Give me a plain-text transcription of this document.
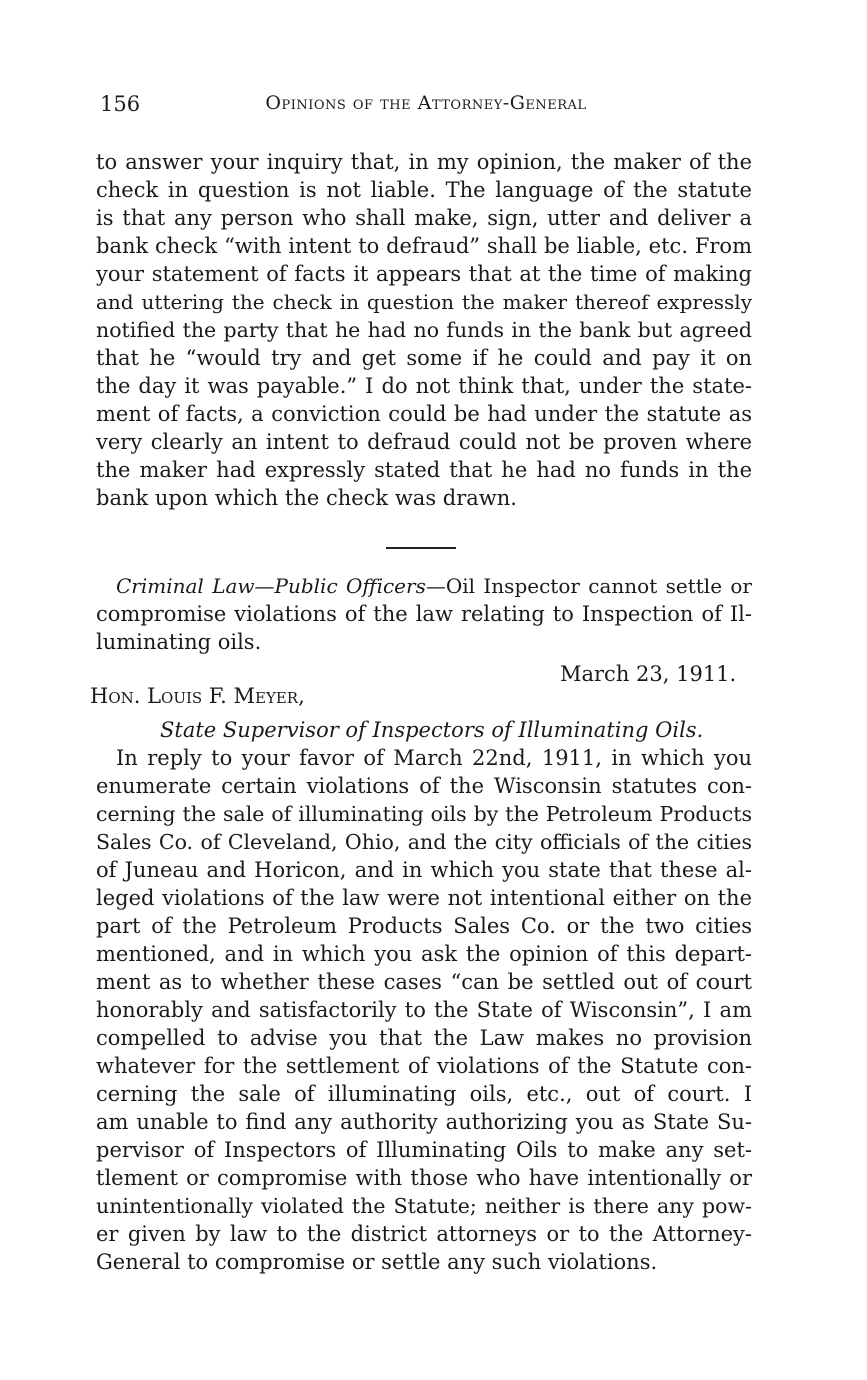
156	Opinions of the Attorney-General
to answer your inquiry that, in my opinion, the maker of the
check in question is not liable. The language of the statute
is that any person who shall make, sign, utter and deliver a
bank check “with intent to defraud” shall be liable, etc. From
your statement of facts it appears that at the time of making
and uttering the check in question the maker thereof expressly
notified the party that he had no funds in the bank but agreed
that he “would try and get some if he could and pay it on
the day it was payable.” I do not think that, under the state-
ment of facts, a conviction could be had under the statute as
very clearly an intent to defraud could not be proven where
the maker had expressly stated that he had no funds in the
bank upon which the check was drawn.
Criminal Law—Public Officers—Oil Inspector cannot settle or
compromise violations of the law relating to Inspection of Il-
luminating oils.
March 23, 1911.
Hon. Louis F. Meyer,
State Supervisor of Inspectors of Illuminating Oils.
In reply to your favor of March 22nd, 1911, in which you
enumerate certain violations of the Wisconsin statutes con-
cerning the sale of illuminating oils by the Petroleum Products
Sales Co. of Cleveland, Ohio, and the city officials of the cities
of Juneau and Horicon, and in which you state that these al-
leged violations of the law were not intentional either on the
part of the Petroleum Products Sales Co. or the two cities
mentioned, and in which you ask the opinion of this depart-
ment as to whether these cases “can be settled out of court
honorably and satisfactorily to the State of Wisconsin”, I am
compelled to advise you that the Law makes no provision
whatever for the settlement of violations of the Statute con-
cerning the sale of illuminating oils, etc., out of court. I
am unable to find any authority authorizing you as State Su-
pervisor of Inspectors of Illuminating Oils to make any set-
tlement or compromise with those who have intentionally or
unintentionally violated the Statute; neither is there any pow-
er given by law to the district attorneys or to the Attorney-
General to compromise or settle any such violations.
